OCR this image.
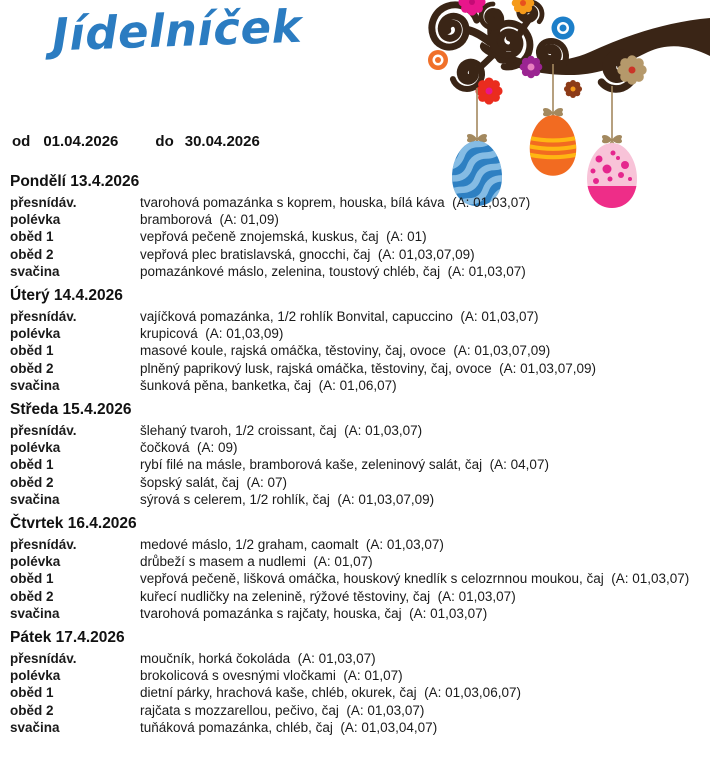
Jídelníček
od 01.04.2026 do 30.04.2026
Pondělí 13.4.2026
přesnídáv.	tvarohová pomazánka s koprem, houska, bílá káva  (A: 01,03,07)
polévka	bramborová  (A: 01,09)
oběd 1	vepřová pečeně znojemská, kuskus, čaj  (A: 01)
oběd 2	vepřová plec bratislavská, gnocchi, čaj  (A: 01,03,07,09)
svačina	pomazánkové máslo, zelenina, toustový chléb, čaj  (A: 01,03,07)
Úterý 14.4.2026
přesnídáv.	vajíčková pomazánka, 1/2 rohlík Bonvital, capuccino  (A: 01,03,07)
polévka	krupicová  (A: 01,03,09)
oběd 1	masové koule, rajská omáčka, těstoviny, čaj, ovoce  (A: 01,03,07,09)
oběd 2	plněný paprikový lusk, rajská omáčka, těstoviny, čaj, ovoce  (A: 01,03,07,09)
svačina	šunková pěna, banketka, čaj  (A: 01,06,07)
Středa 15.4.2026
přesnídáv.	šlehaný tvaroh, 1/2 croissant, čaj  (A: 01,03,07)
polévka	čočková  (A: 09)
oběd 1	rybí filé na másle, bramborová kaše, zeleninový salát, čaj  (A: 04,07)
oběd 2	šopský salát, čaj  (A: 07)
svačina	sýrová s celerem, 1/2 rohlík, čaj  (A: 01,03,07,09)
Čtvrtek 16.4.2026
přesnídáv.	medové máslo, 1/2 graham, caomalt  (A: 01,03,07)
polévka	drůbeží s masem a nudlemi  (A: 01,07)
oběd 1	vepřová pečeně, lišková omáčka, houskový knedlík s celozrnnou moukou, čaj  (A: 01,03,07)
oběd 2	kuřecí nudličky na zelenině, rýžové těstoviny, čaj  (A: 01,03,07)
svačina	tvarohová pomazánka s rajčaty, houska, čaj  (A: 01,03,07)
Pátek 17.4.2026
přesnídáv.	moučník, horká čokoláda  (A: 01,03,07)
polévka	brokolicová s ovesnými vločkami  (A: 01,07)
oběd 1	dietní párky, hrachová kaše, chléb, okurek, čaj  (A: 01,03,06,07)
oběd 2	rajčata s mozzarellou, pečivo, čaj  (A: 01,03,07)
svačina	tuňáková pomazánka, chléb, čaj  (A: 01,03,04,07)
